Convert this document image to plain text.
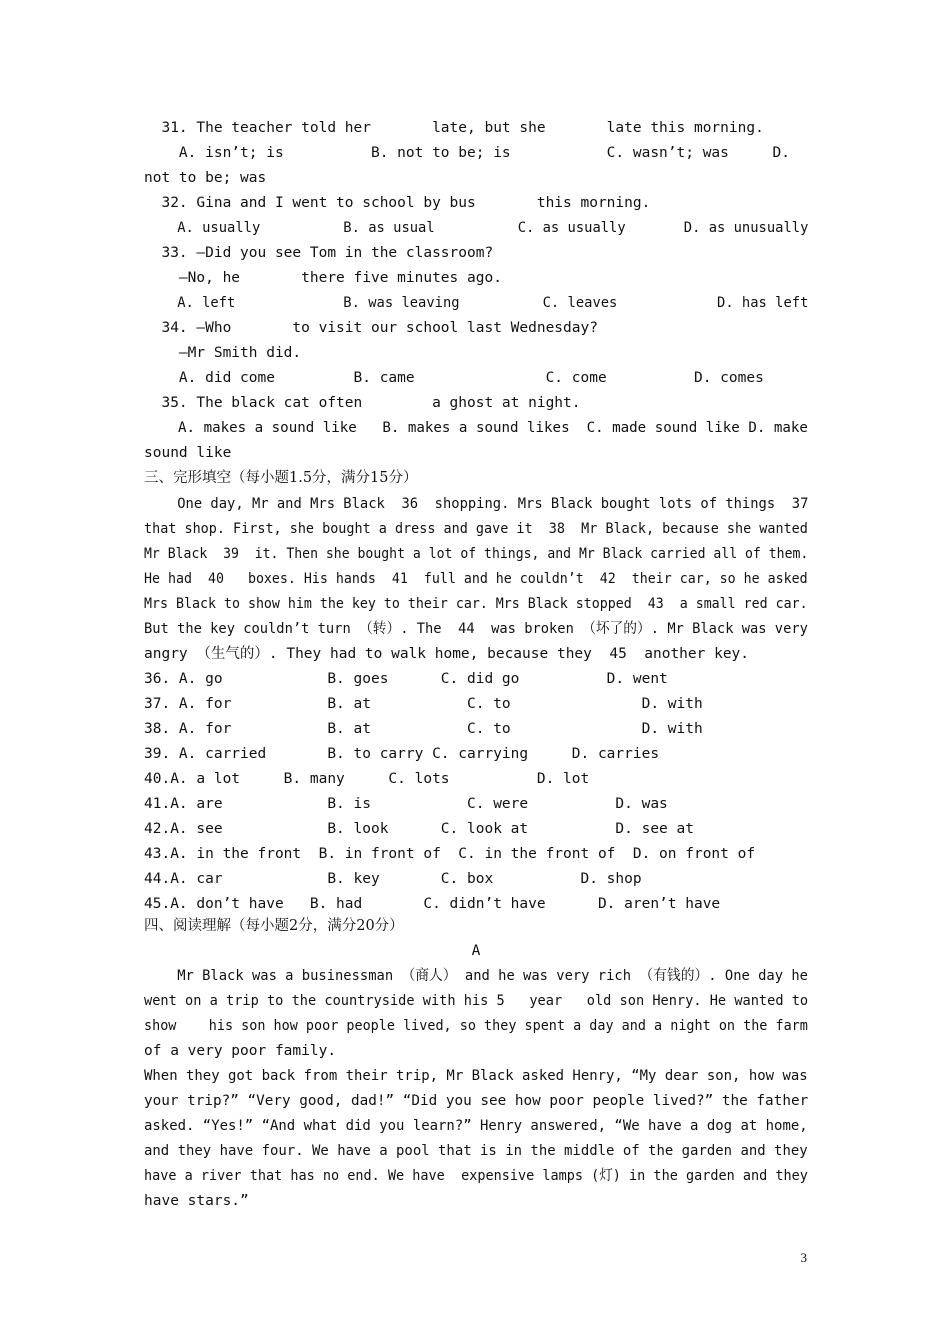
31. The teacher told her       late, but she       late this morning.
A. isn’t; is          B. not to be; is           C. wasn’t; was     D.
not to be; was
32. Gina and I went to school by bus       this morning.
A. usually          B. as usual          C. as usually       D. as unusually
33. —Did you see Tom in the classroom?
—No, he       there five minutes ago.
A. left             B. was leaving          C. leaves            D. has left
34. —Who       to visit our school last Wednesday?
—Mr Smith did.
A. did come         B. came               C. come          D. comes
35. The black cat often        a ghost at night.
A. makes a sound like   B. makes a sound likes  C. made sound like D. make
sound like
三、完形填空（每小题1.5分，满分15分）
One day, Mr and Mrs Black  36  shopping. Mrs Black bought lots of things  37
that shop. First, she bought a dress and gave it  38  Mr Black, because she wanted
Mr Black  39  it. Then she bought a lot of things, and Mr Black carried all of them.
He had  40   boxes. His hands  41  full and he couldn’t  42  their car, so he asked
Mrs Black to show him the key to their car. Mrs Black stopped  43  a small red car.
But the key couldn’t turn （转）. The  44  was broken （坏了的）. Mr Black was very
angry （生气的）. They had to walk home, because they  45  another key.
36. A. go            B. goes      C. did go          D. went
37. A. for           B. at           C. to               D. with
38. A. for           B. at           C. to               D. with
39. A. carried       B. to carry C. carrying     D. carries
40.A. a lot     B. many     C. lots          D. lot
41.A. are            B. is           C. were          D. was
42.A. see            B. look      C. look at          D. see at
43.A. in the front  B. in front of  C. in the front of  D. on front of
44.A. car            B. key       C. box          D. shop
45.A. don’t have   B. had       C. didn’t have      D. aren’t have
四、阅读理解（每小题2分，满分20分）
A
Mr Black was a businessman （商人） and he was very rich （有钱的）. One day he
went on a trip to the countryside with his 5   year   old son Henry. He wanted to
show    his son how poor people lived, so they spent a day and a night on the farm
of a very poor family.
When they got back from their trip, Mr Black asked Henry, “My dear son, how was
your trip?” “Very good, dad!” “Did you see how poor people lived?” the father
asked. “Yes!” “And what did you learn?” Henry answered, “We have a dog at home,
and they have four. We have a pool that is in the middle of the garden and they
have a river that has no end. We have  expensive lamps (灯) in the garden and they
have stars.”
3
